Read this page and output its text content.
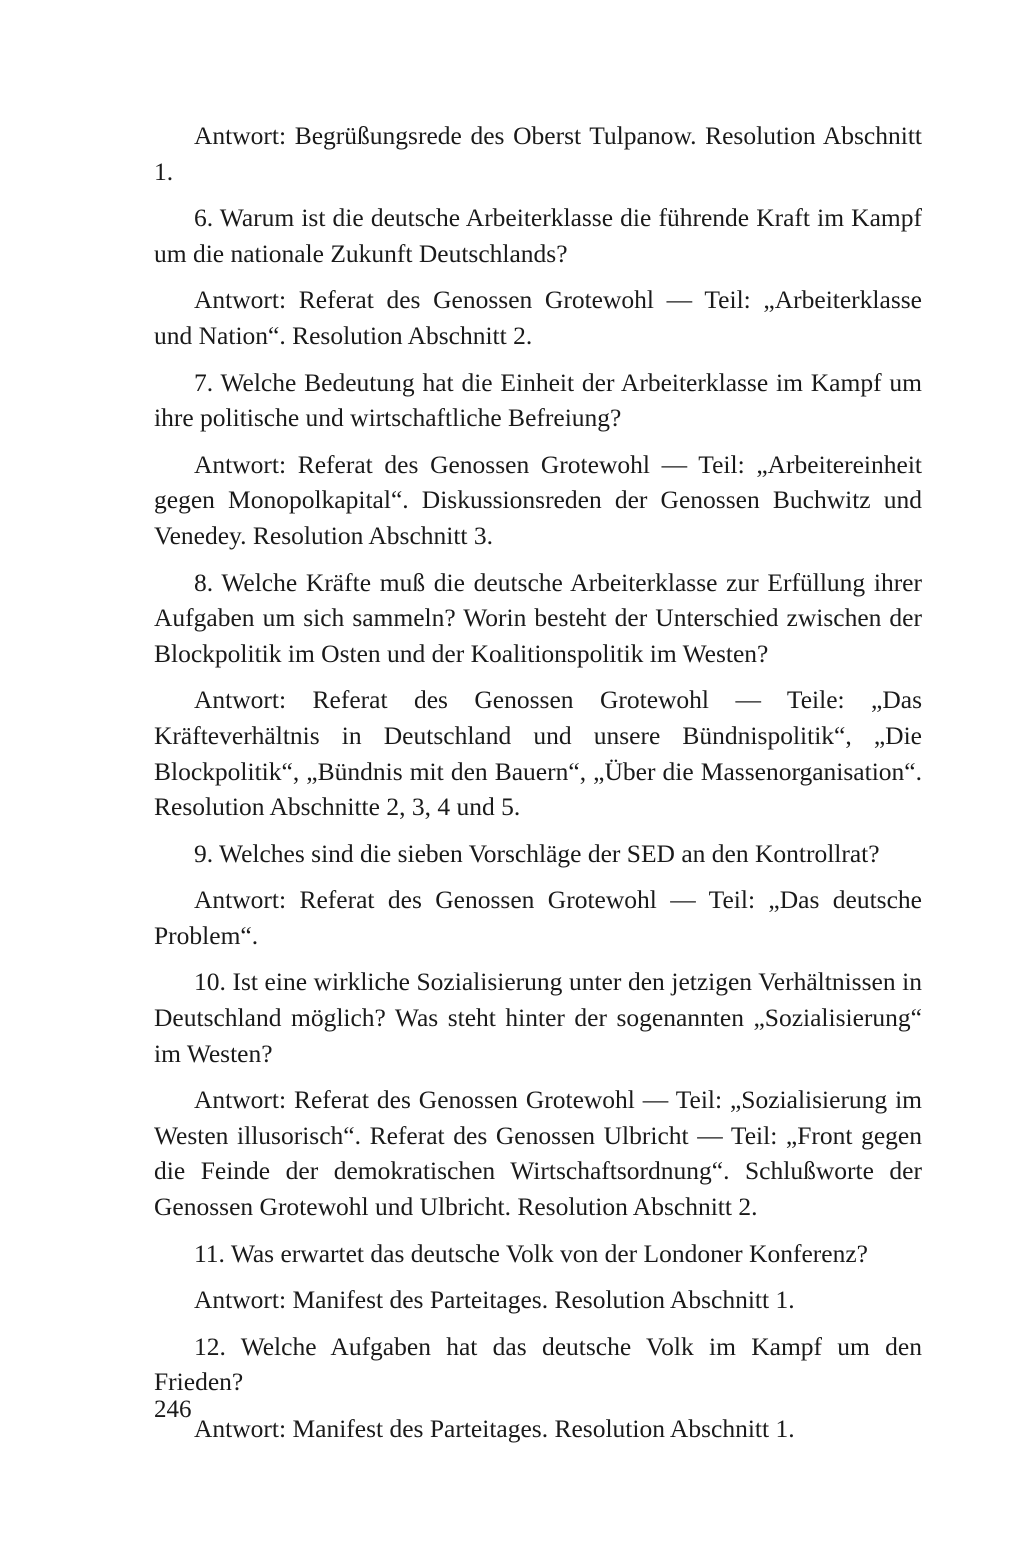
Antwort: Begrüßungsrede des Oberst Tulpanow. Resolution Abschnitt 1.

6. Warum ist die deutsche Arbeiterklasse die führende Kraft im Kampf um die nationale Zukunft Deutschlands?

Antwort: Referat des Genossen Grotewohl — Teil: „Arbeiterklasse und Nation“. Resolution Abschnitt 2.

7. Welche Bedeutung hat die Einheit der Arbeiterklasse im Kampf um ihre politische und wirtschaftliche Befreiung?

Antwort: Referat des Genossen Grotewohl — Teil: „Arbeitereinheit gegen Monopolkapital“. Diskussionsreden der Genossen Buchwitz und Venedey. Resolution Abschnitt 3.

8. Welche Kräfte muß die deutsche Arbeiterklasse zur Erfüllung ihrer Aufgaben um sich sammeln? Worin besteht der Unterschied zwischen der Blockpolitik im Osten und der Koalitionspolitik im Westen?

Antwort: Referat des Genossen Grotewohl — Teile: „Das Kräfteverhältnis in Deutschland und unsere Bündnispolitik“, „Die Blockpolitik“, „Bündnis mit den Bauern“, „Über die Massenorganisation“. Resolution Abschnitte 2, 3, 4 und 5.

9. Welches sind die sieben Vorschläge der SED an den Kontrollrat?

Antwort: Referat des Genossen Grotewohl — Teil: „Das deutsche Problem“.

10. Ist eine wirkliche Sozialisierung unter den jetzigen Verhältnissen in Deutschland möglich? Was steht hinter der sogenannten „Sozialisierung“ im Westen?

Antwort: Referat des Genossen Grotewohl — Teil: „Sozialisierung im Westen illusorisch“. Referat des Genossen Ulbricht — Teil: „Front gegen die Feinde der demokratischen Wirtschaftsordnung“. Schlußworte der Genossen Grotewohl und Ulbricht. Resolution Abschnitt 2.

11. Was erwartet das deutsche Volk von der Londoner Konferenz?

Antwort: Manifest des Parteitages. Resolution Abschnitt 1.

12. Welche Aufgaben hat das deutsche Volk im Kampf um den Frieden?

Antwort: Manifest des Parteitages. Resolution Abschnitt 1.

246
